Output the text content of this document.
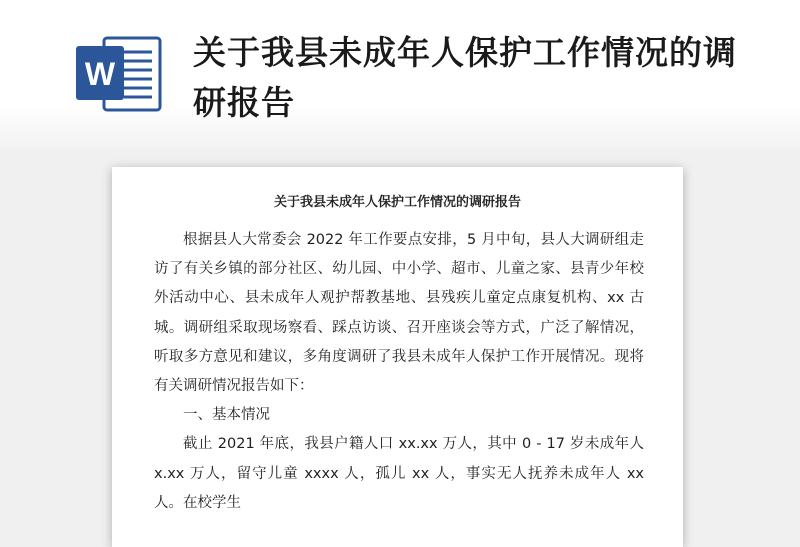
W
关于我县未成年人保护工作情况的调研报告
关于我县未成年人保护工作情况的调研报告

根据县人大常委会 2022 年工作要点安排，5 月中旬，县人大调研组走访了有关乡镇的部分社区、幼儿园、中小学、超市、儿童之家、县青少年校外活动中心、县未成年人观护帮教基地、县残疾儿童定点康复机构、xx 古城。调研组采取现场察看、踩点访谈、召开座谈会等方式，广泛了解情况，听取多方意见和建议，多角度调研了我县未成年人保护工作开展情况。现将有关调研情况报告如下：

一、基本情况

截止 2021 年底，我县户籍人口 xx.xx 万人，其中 0 - 17 岁未成年人 x.xx 万人，留守儿童 xxxx 人，孤儿 xx 人，事实无人抚养未成年人 xx 人。在校学生
